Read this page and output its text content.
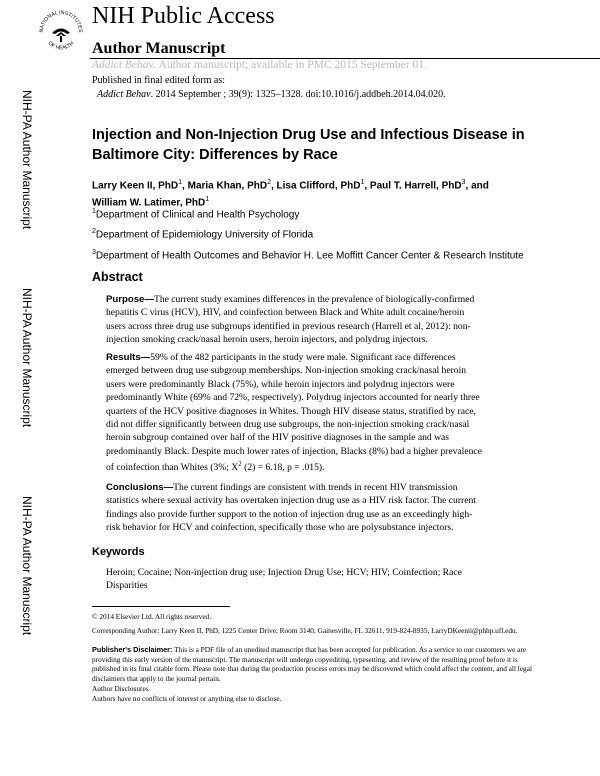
NATIONAL INSTITUTES
OF HEALTH
NIH Public Access
Author Manuscript
Addict Behav. Author manuscript; available in PMC 2015 September 01.
Published in final edited form as:
Addict Behav. 2014 September ; 39(9): 1325–1328. doi:10.1016/j.addbeh.2014.04.020.
NIH-PA Author Manuscript
NIH-PA Author Manuscript
NIH-PA Author Manuscript
Injection and Non-Injection Drug Use and Infectious Disease in Baltimore City: Differences by Race
Larry Keen II, PhD$^1$, Maria Khan, PhD$^2$, Lisa Clifford, PhD$^1$, Paul T. Harrell, PhD$^3$, and
William W. Latimer, PhD$^1$
$^1$Department of Clinical and Health Psychology
$^2$Department of Epidemiology University of Florida
$^3$Department of Health Outcomes and Behavior H. Lee Moffitt Cancer Center & Research Institute
Abstract
Purpose—The current study examines differences in the prevalence of biologically-confirmed hepatitis C virus (HCV), HIV, and coinfection between Black and White adult cocaine/heroin users across three drug use subgroups identified in previous research (Harrell et al, 2012): non-injection smoking crack/nasal heroin users, heroin injectors, and polydrug injectors.
Results—59% of the 482 participants in the study were male. Significant race differences emerged between drug use subgroup memberships. Non-injection smoking crack/nasal heroin users were predominantly Black (75%), while heroin injectors and polydrug injectors were predominantly White (69% and 72%, respectively). Polydrug injectors accounted for nearly three quarters of the HCV positive diagnoses in Whites. Though HIV disease status, stratified by race, did not differ significantly between drug use subgroups, the non-injection smoking crack/nasal heroin subgroup contained over half of the HIV positive diagnoses in the sample and was predominantly Black. Despite much lower rates of injection, Blacks (8%) had a higher prevalence of coinfection than Whites (3%; $X^2$ (2) = 6.18, p = .015).
Conclusions—The current findings are consistent with trends in recent HIV transmission statistics where sexual activity has overtaken injection drug use as a HIV risk factor. The current findings also provide further support to the notion of injection drug use as an exceedingly high-risk behavior for HCV and coinfection, specifically those who are polysubstance injectors.
Keywords
Heroin; Cocaine; Non-injection drug use; Injection Drug Use; HCV; HIV; Coinfection; Race Disparities
© 2014 Elsevier Ltd. All rights reserved.
Corresponding Author: Larry Keen II, PhD, 1225 Center Drive, Room 3140, Gainesville, FL 32611, 919-824-8935, LarryDKeenii@phhp.ufl.edu.
Publisher's Disclaimer: This is a PDF file of an unedited manuscript that has been accepted for publication. As a service to our customers we are providing this early version of the manuscript. The manuscript will undergo copyediting, typesetting, and review of the resulting proof before it is published in its final citable form. Please note that during the production process errors may be discovered which could affect the content, and all legal disclaimers that apply to the journal pertain.
Author Disclosures
Authors have no conflicts of interest or anything else to disclose.
